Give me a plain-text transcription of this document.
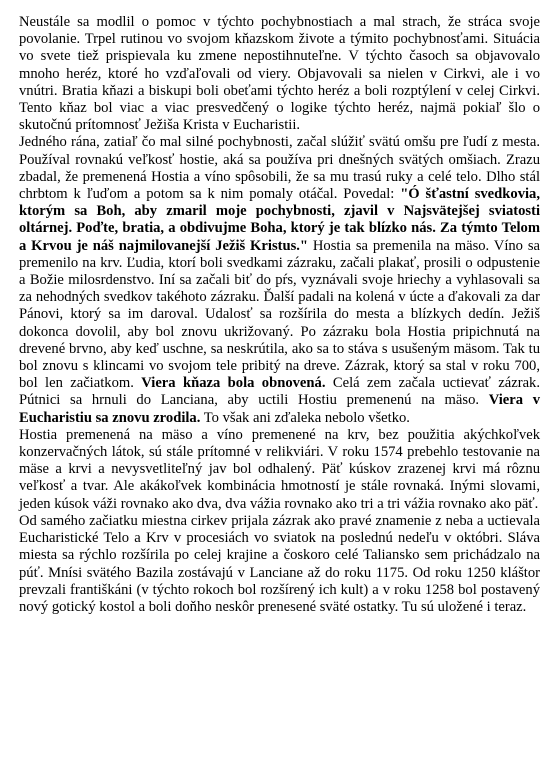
Neustále sa modlil o pomoc v týchto pochybnostiach a mal strach, že stráca svoje povolanie. Trpel rutinou vo svojom kňazskom živote a týmito pochybnosťami. Situácia vo svete tiež prispievala ku zmene nepostihnuteľne. V týchto časoch sa objavovalo mnoho heréz, ktoré ho vzďaľovali od viery. Objavovali sa nielen v Cirkvi, ale i vo vnútri. Bratia kňazi a biskupi boli obeťami týchto heréz a boli rozptýlení v celej Cirkvi. Tento kňaz bol viac a viac presvedčený o logike týchto heréz, najmä pokiaľ šlo o skutočnú prítomnosť Ježiša Krista v Eucharistii.

Jedného rána, zatiaľ čo mal silné pochybnosti, začal slúžiť svätú omšu pre ľudí z mesta. Používal rovnakú veľkosť hostie, aká sa používa pri dnešných svätých omšiach. Zrazu zbadal, že premenená Hostia a víno spôsobili, že sa mu trasú ruky a celé telo. Dlho stál chrbtom k ľuďom a potom sa k nim pomaly otáčal. Povedal: "Ó šťastní svedkovia, ktorým sa Boh, aby zmaril moje pochybnosti, zjavil v Najsvätejšej sviatosti oltárnej. Poďte, bratia, a obdivujme Boha, ktorý je tak blízko nás. Za týmto Telom a Krvou je náš najmilovanejší Ježiš Kristus." Hostia sa premenila na mäso. Víno sa premenilo na krv. Ľudia, ktorí boli svedkami zázraku, začali plakať, prosili o odpustenie a Božie milosrdenstvo. Iní sa začali biť do pŕs, vyznávali svoje hriechy a vyhlasovali sa za nehodných svedkov takéhoto zázraku. Ďalší padali na kolená v úcte a ďakovali za dar Pánovi, ktorý sa im daroval. Udalosť sa rozšírila do mesta a blízkych dedín. Ježiš dokonca dovolil, aby bol znovu ukrižovaný. Po zázraku bola Hostia pripichnutá na drevené brvno, aby keď uschne, sa neskrútila, ako sa to stáva s usušeným mäsom. Tak tu bol znovu s klincami vo svojom tele pribitý na dreve. Zázrak, ktorý sa stal v roku 700, bol len začiatkom. Viera kňaza bola obnovená. Celá zem začala uctievať zázrak. Pútnici sa hrnuli do Lanciana, aby uctili Hostiu premenenú na mäso. Viera v Eucharistiu sa znovu zrodila. To však ani zďaleka nebolo všetko.

Hostia premenená na mäso a víno premenené na krv, bez použitia akýchkoľvek konzervačných látok, sú stále prítomné v relikviári. V roku 1574 prebehlo testovanie na mäse a krvi a nevysvetliteľný jav bol odhalený. Päť kúskov zrazenej krvi má rôznu veľkosť a tvar. Ale akákoľvek kombinácia hmotností je stále rovnaká. Inými slovami, jeden kúsok váži rovnako ako dva, dva vážia rovnako ako tri a tri vážia rovnako ako päť.

Od samého začiatku miestna cirkev prijala zázrak ako pravé znamenie z neba a uctievala Eucharistické Telo a Krv v procesiách vo sviatok na poslednú nedeľu v októbri. Sláva miesta sa rýchlo rozšírila po celej krajine a čoskoro celé Taliansko sem prichádzalo na púť. Mnísi svätého Bazila zostávajú v Lanciane až do roku 1175. Od roku 1250 kláštor prevzali františkáni (v týchto rokoch bol rozšírený ich kult) a v roku 1258 bol postavený nový gotický kostol a boli doňho neskôr prenesené sväté ostatky. Tu sú uložené i teraz.
